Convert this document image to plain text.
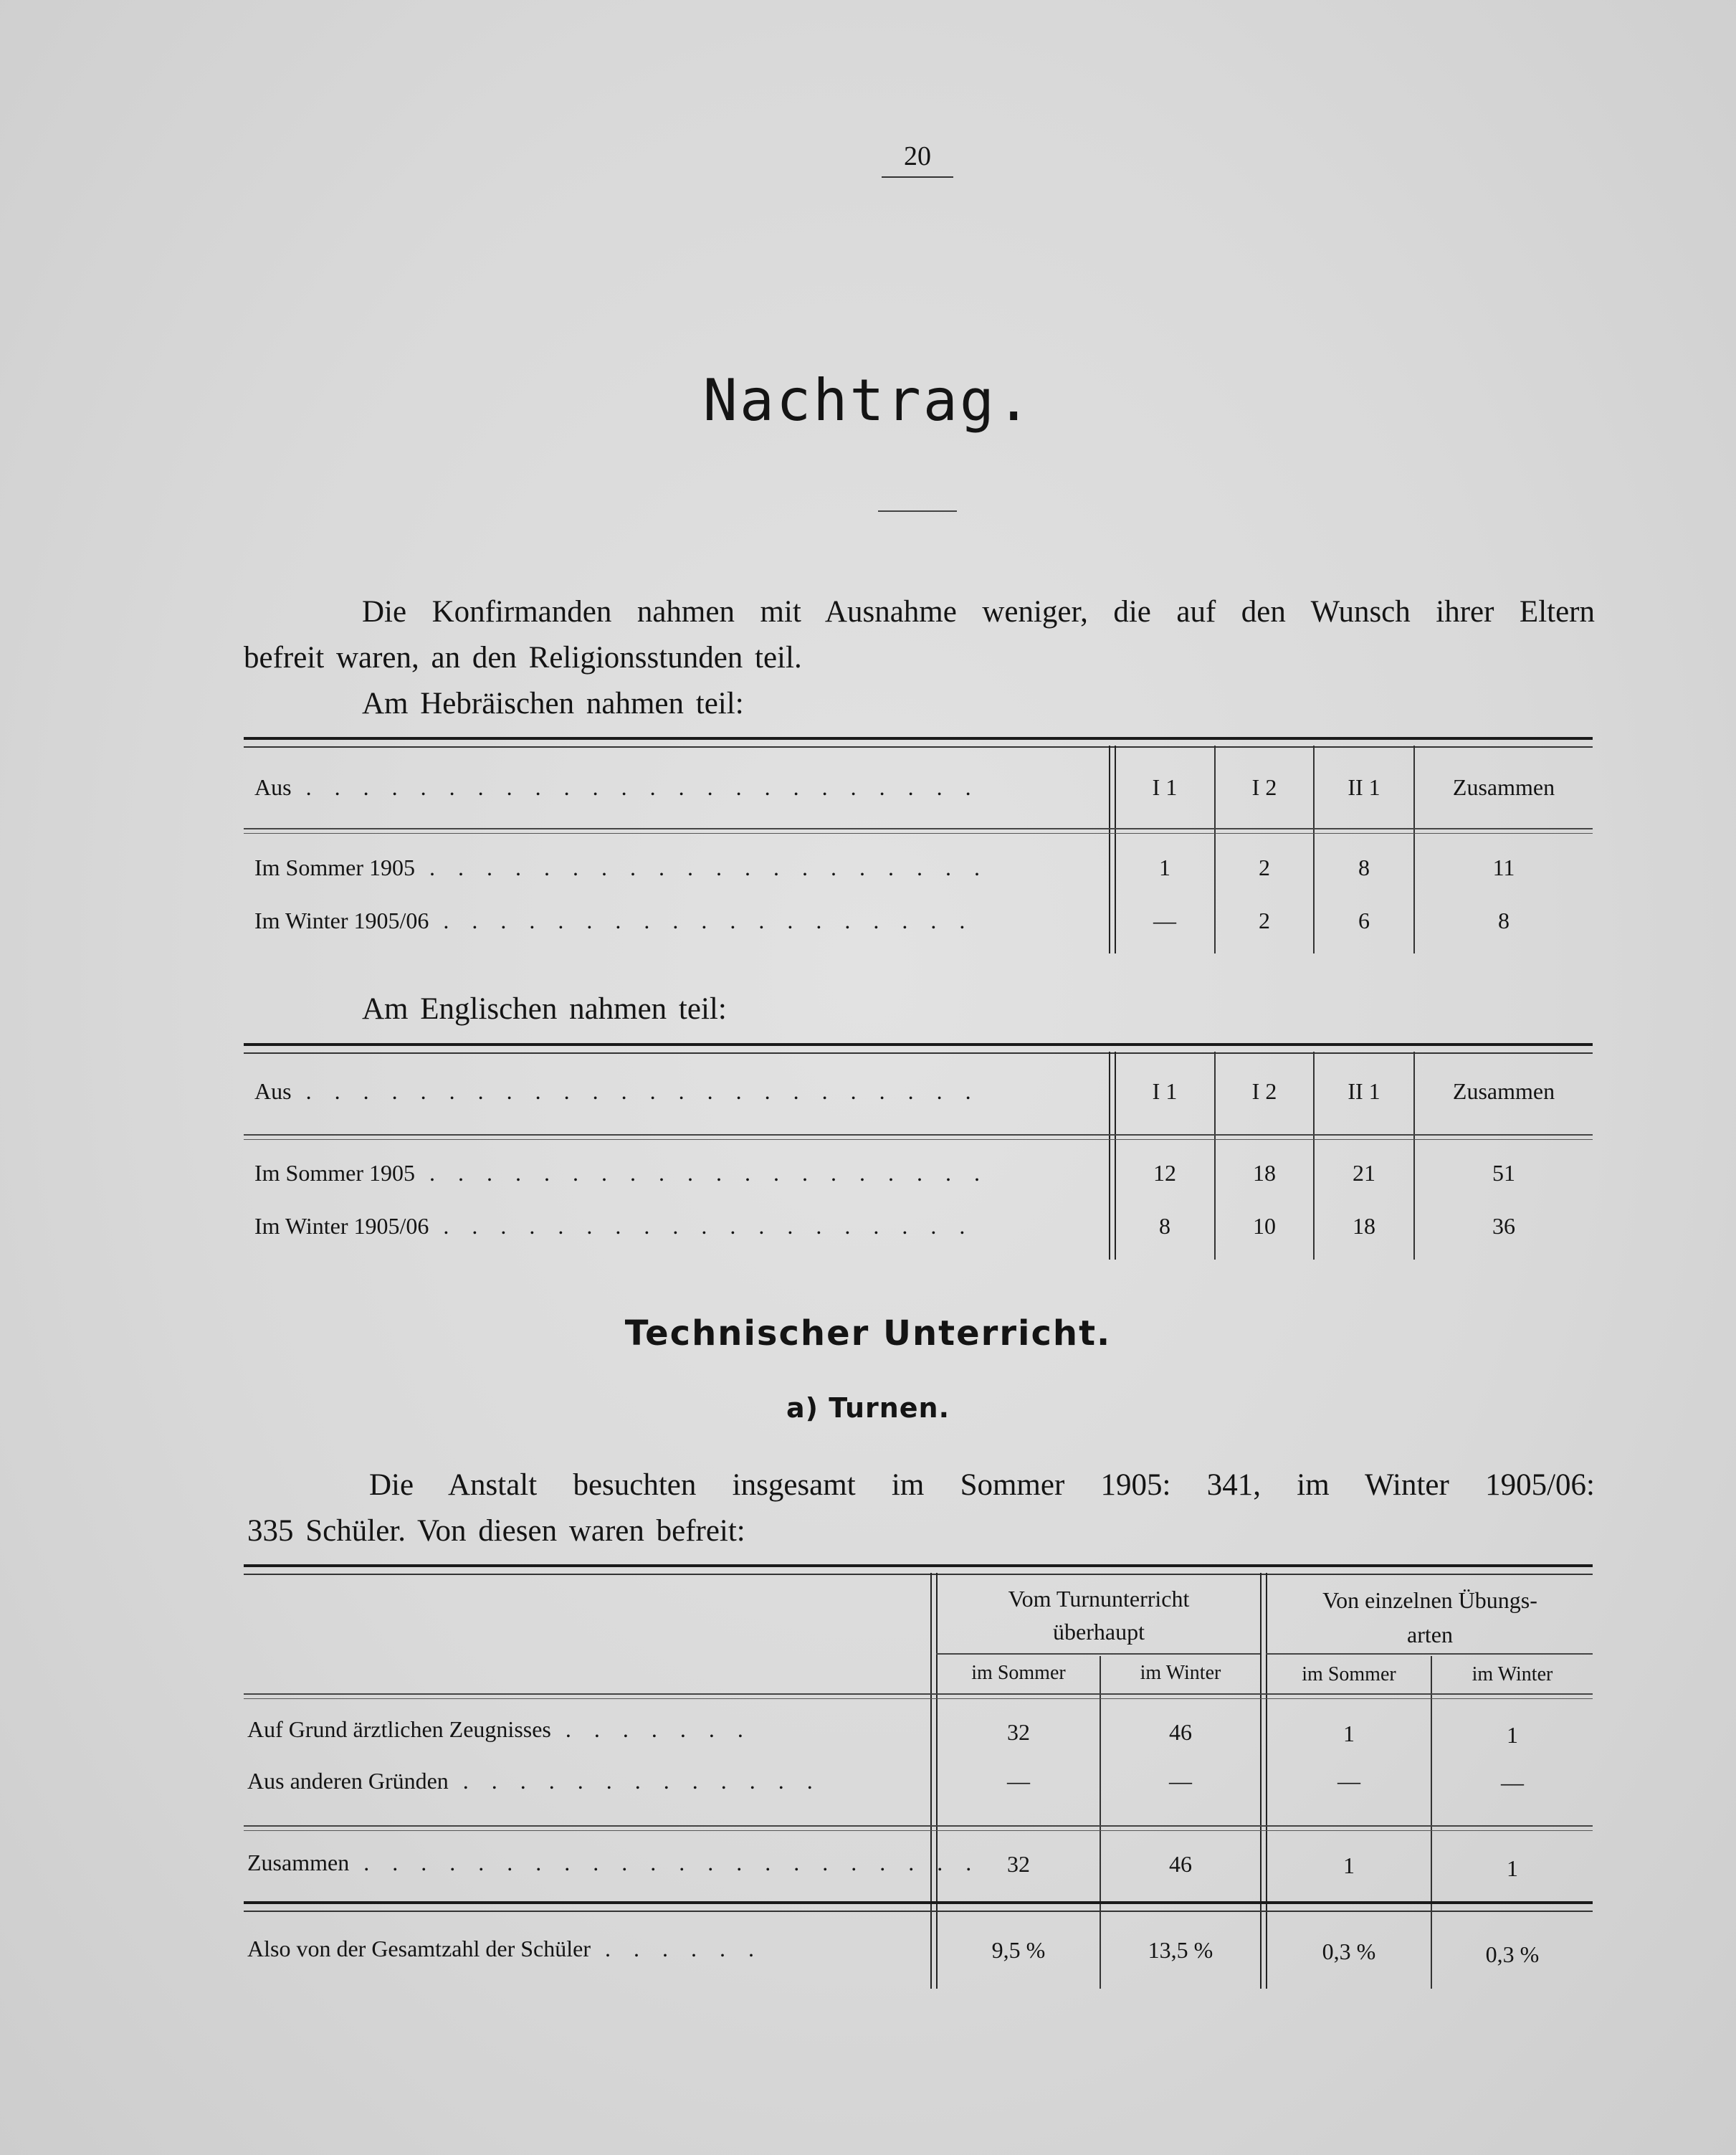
20
Nachtrag.
Die Konfirmanden nahmen mit Ausnahme weniger, die auf den Wunsch ihrer Eltern
befreit waren, an den Religionsstunden teil.
Am Hebräischen nahmen teil:
Aus . . . . . . . . . . . . . . . . . . . . . . . .	I 1	I 2	II 1	Zusammen
Im Sommer 1905 . . . . . . . . . . . . . . . . . . . .	1	2	8	11
Im Winter 1905/06 . . . . . . . . . . . . . . . . . . .	—	2	6	8
Am Englischen nahmen teil:
Aus . . . . . . . . . . . . . . . . . . . . . . . .	I 1	I 2	II 1	Zusammen
Im Sommer 1905 . . . . . . . . . . . . . . . . . . . .	12	18	21	51
Im Winter 1905/06 . . . . . . . . . . . . . . . . . . .	8	10	18	36
Technischer Unterricht.
a) Turnen.
Die Anstalt besuchten insgesamt im Sommer 1905: 341, im Winter 1905/06:
335 Schüler. Von diesen waren befreit:
Vom Turnunterricht
überhaupt
Von einzelnen Übungs-
arten
im Sommer	im Winter	im Sommer	im Winter
Auf Grund ärztlichen Zeugnisses . . . . . . .	32	46	1	1
Aus anderen Gründen . . . . . . . . . . . . .	—	—	—	—
Zusammen . . . . . . . . . . . . . . . . . . . . . .	32	46	1	1
Also von der Gesamtzahl der Schüler . . . . . .	9,5 %	13,5 %	0,3 %	0,3 %
